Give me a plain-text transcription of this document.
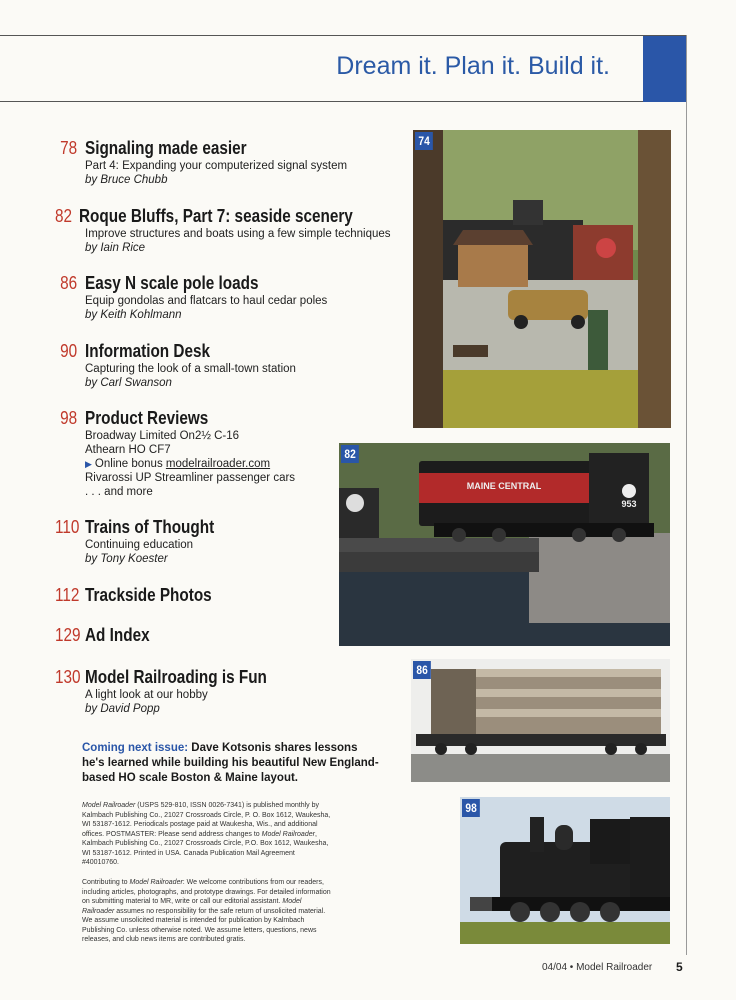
Dream it. Plan it. Build it.
78 Signaling made easier
Part 4: Expanding your computerized signal system
by Bruce Chubb
82 Roque Bluffs, Part 7: seaside scenery
Improve structures and boats using a few simple techniques
by Iain Rice
86 Easy N scale pole loads
Equip gondolas and flatcars to haul cedar poles
by Keith Kohlmann
90 Information Desk
Capturing the look of a small-town station
by Carl Swanson
98 Product Reviews
Broadway Limited On2½ C-16
Athearn HO CF7
▶ Online bonus modelrailroader.com
Rivarossi UP Streamliner passenger cars
. . . and more
110 Trains of Thought
Continuing education
by Tony Koester
112 Trackside Photos
129 Ad Index
130 Model Railroading is Fun
A light look at our hobby
by David Popp
Coming next issue: Dave Kotsonis shares lessons he's learned while building his beautiful New England-based HO scale Boston & Maine layout.
Model Railroader (USPS 529-810, ISSN 0026-7341) is published monthly by Kalmbach Publishing Co., 21027 Crossroads Circle, P. O. Box 1612, Waukesha, WI 53187-1612. Periodicals postage paid at Waukesha, Wis., and additional offices. POSTMASTER: Please send address changes to Model Railroader, Kalmbach Publishing Co., 21027 Crossroads Circle, P.O. Box 1612, Waukesha, WI 53187-1612. Printed in USA. Canada Publication Mail Agreement #40010760.
Contributing to Model Railroader: We welcome contributions from our readers, including articles, photographs, and prototype drawings. For detailed information on submitting material to MR, write or call our editorial assistant. Model Railroader assumes no responsibility for the safe return of unsolicited material. We assume unsolicited material is intended for publication by Kalmbach Publishing Co. unless otherwise noted. We assume letters, questions, news releases, and club news items are contributed gratis.
74
953
MAINE CENTRAL
82
86
98
04/04 • Model Railroader 5
